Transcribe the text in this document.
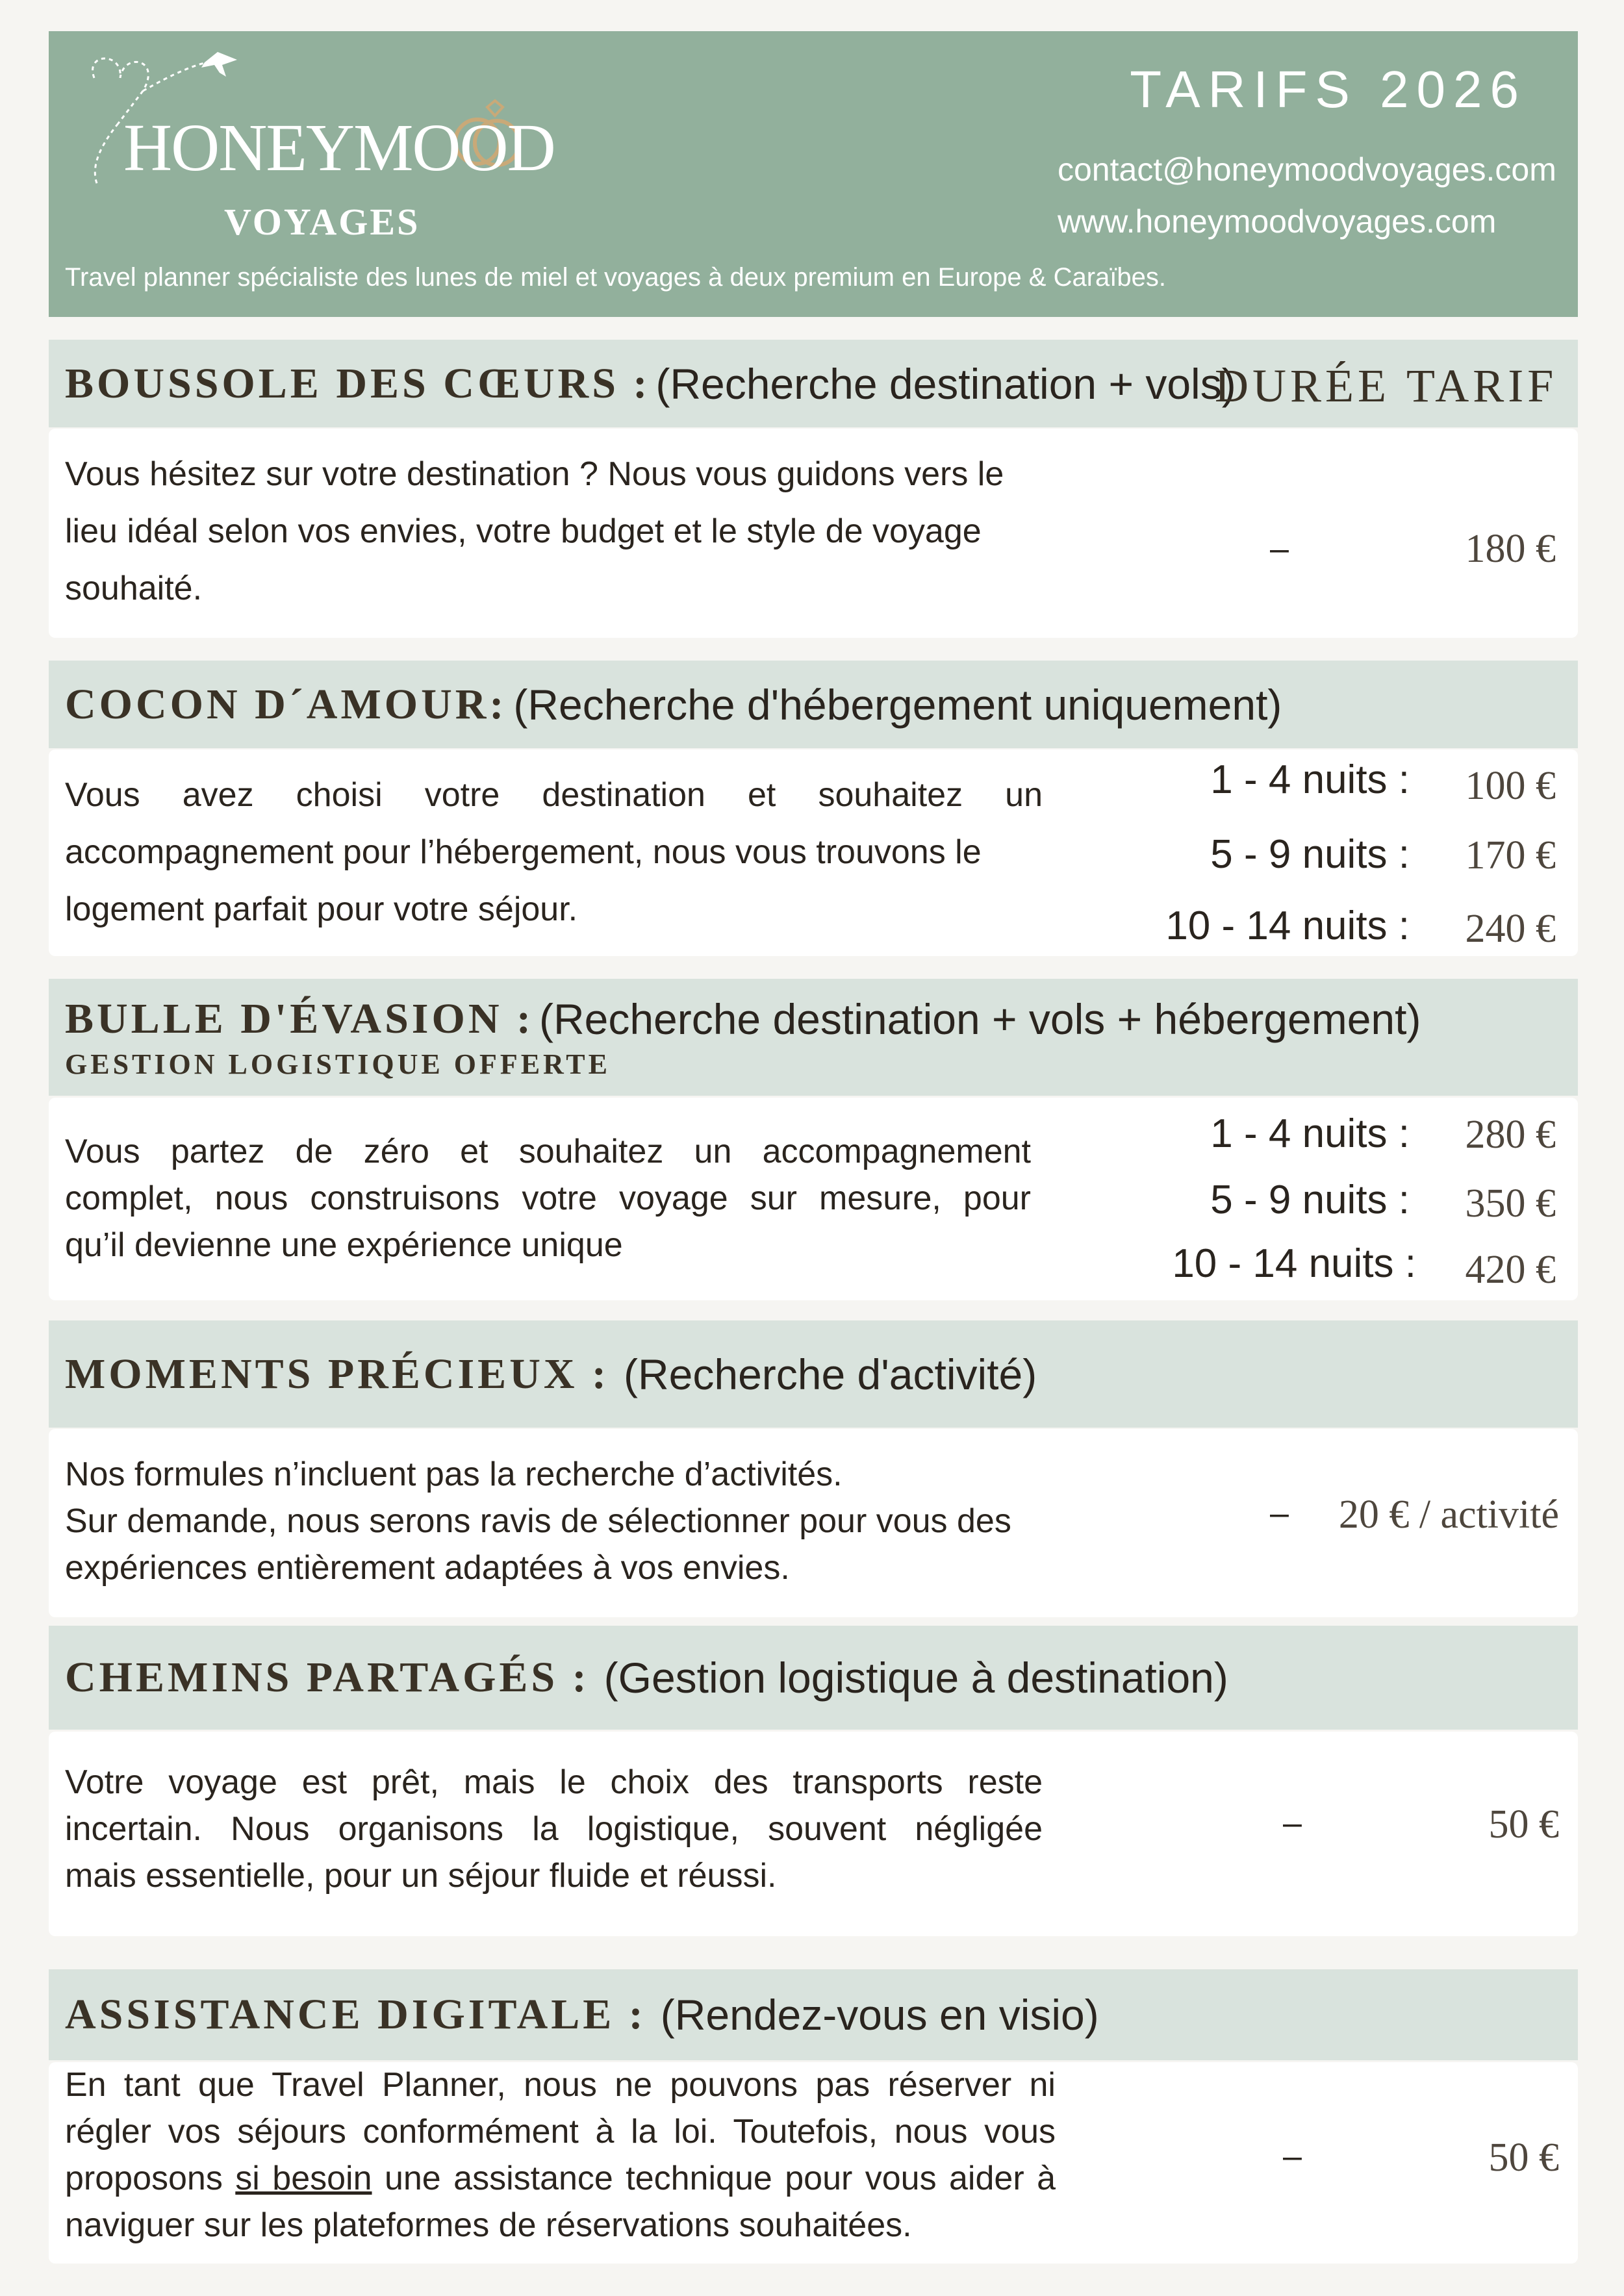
HONEYMOOD
VOYAGES
Travel planner spécialiste des lunes de miel et voyages à deux premium en Europe & Caraïbes.
TARIFS 2026
contact@honeymoodvoyages.com
www.honeymoodvoyages.com
BOUSSOLE DES CŒURS : (Recherche destination + vols)
DURÉE TARIF
Vous hésitez sur votre destination ? Nous vous guidons vers le
lieu idéal selon vos envies, votre budget et le style de voyage
souhaité.
–	180 €
COCON D´AMOUR: (Recherche d'hébergement uniquement)
Vous avez choisi votre destination et souhaitez un
accompagnement pour l’hébergement, nous vous trouvons le
logement parfait pour votre séjour.
1 - 4 nuits :	100 €
5 - 9 nuits :	170 €
10 - 14 nuits :	240 €
BULLE D'ÉVASION : (Recherche destination + vols + hébergement)
GESTION LOGISTIQUE OFFERTE
Vous partez de zéro et souhaitez un accompagnement
complet, nous construisons votre voyage sur mesure, pour
qu’il devienne une expérience unique
1 - 4 nuits :	280 €
5 - 9 nuits :	350 €
10 - 14 nuits :	420 €
MOMENTS PRÉCIEUX : (Recherche d'activité)
Nos formules n’incluent pas la recherche d’activités.
Sur demande, nous serons ravis de sélectionner pour vous des
expériences entièrement adaptées à vos envies.
–	20 € / activité
CHEMINS PARTAGÉS : (Gestion logistique à destination)
Votre voyage est prêt, mais le choix des transports reste
incertain. Nous organisons la logistique, souvent négligée
mais essentielle, pour un séjour fluide et réussi.
–	50 €
ASSISTANCE DIGITALE : (Rendez-vous en visio)
En tant que Travel Planner, nous ne pouvons pas réserver ni
régler vos séjours conformément à la loi. Toutefois, nous vous
proposons si besoin une assistance technique pour vous aider à
naviguer sur les plateformes de réservations souhaitées.
–	50 €
